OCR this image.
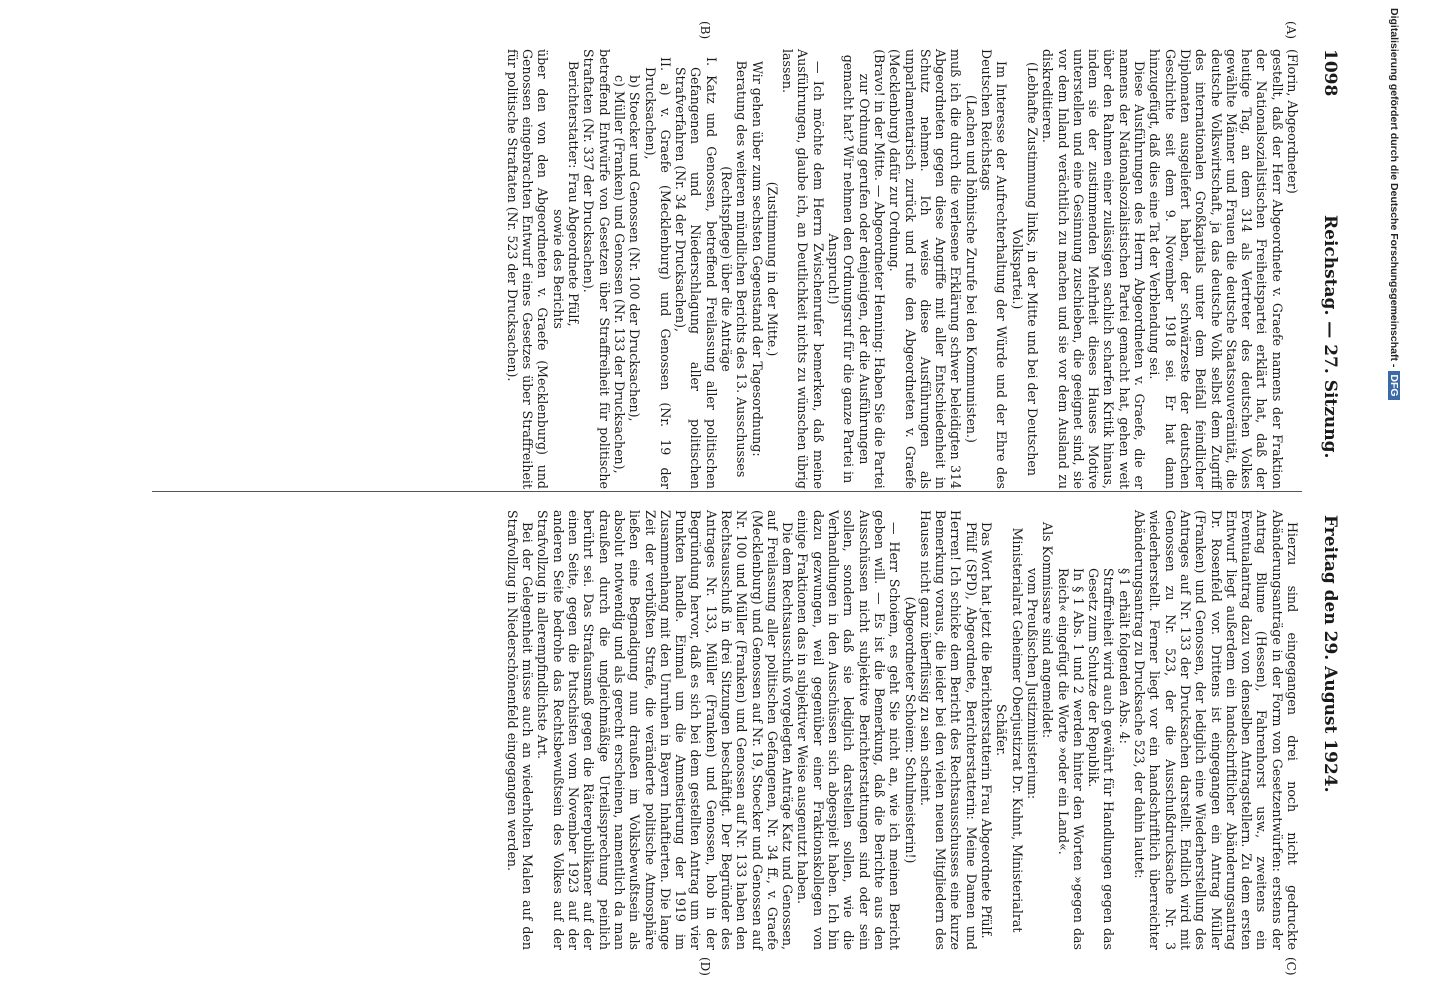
1098
Reichstag. — 27. Sitzung.
Freitag den 29. August 1924.
(A)
(B)
(C)
(D)

(Florin, Abgeordneter)

gestellt, daß der Herr Abgeordnete v. Graefe namens der Fraktion der Nationalsozialistischen Freiheitspartei erklärt hat, daß der heutige Tag, an dem 314 als Vertreter des deutschen Volkes gewählte Männer und Frauen die deutsche Staatssouveränität, die deutsche Volkswirtschaft, ja das deutsche Volk selbst dem Zugriff des internationalen Großkapitals unter dem Beifall feindlicher Diplomaten ausgeliefert haben, der schwärzeste der deutschen Geschichte seit dem 9. November 1918 sei. Er hat dann hinzugefügt, daß dies eine Tat der Verblendung sei.

Diese Ausführungen des Herrn Abgeordneten v. Graefe, die er namens der Nationalsozialistischen Partei gemacht hat, gehen weit über den Rahmen einer zulässigen sachlich scharfen Kritik hinaus, indem sie der zustimmenden Mehrheit dieses Hauses Motive unterstellen und eine Gesinnung zuschieben, die geeignet sind, sie vor dem Inland verächtlich zu machen und sie vor dem Ausland zu diskreditieren.

(Lebhafte Zustimmung links, in der Mitte und bei der Deutschen Volkspartei.)

Im Interesse der Aufrechterhaltung der Würde und der Ehre des Deutschen Reichstags

(Lachen und höhnische Zurufe bei den Kommunisten.)

muß ich die durch die verlesene Erklärung schwer beleidigten 314 Abgeordneten gegen diese Angriffe mit aller Entschiedenheit in Schutz nehmen. Ich weise diese Ausführungen als unparlamentarisch zurück und rufe den Abgeordneten v. Graefe (Mecklenburg) dafür zur Ordnung.

(Bravo! in der Mitte. — Abgeordneter Henning: Haben Sie die Partei zur Ordnung gerufen oder denjenigen, der die Ausführungen gemacht hat? Wir nehmen den Ordnungsruf für die ganze Partei in Anspruch!)

— Ich möchte dem Herrn Zwischenrufer bemerken, daß meine Ausführungen, glaube ich, an Deutlichkeit nichts zu wünschen übrig lassen.

(Zustimmung in der Mitte.)

Wir gehen über zum sechsten Gegenstand der Tagesordnung:

Beratung des weiteren mündlichen Berichts des 13. Ausschusses (Rechtspflege) über die Anträge

I. Katz und Genossen, betreffend Freilassung aller politischen Gefangenen und Niederschlagung aller politischen Strafverfahren (Nr. 34 der Drucksachen),

II. a) v. Graefe (Mecklenburg) und Genossen (Nr. 19 der Drucksachen),

b) Stoecker und Genossen (Nr. 100 der Drucksachen),

c) Müller (Franken) und Genossen (Nr. 133 der Drucksachen),

betreffend Entwürfe von Gesetzen über Straffreiheit für politische Straftaten (Nr. 337 der Drucksachen).

Berichterstatter: Frau Abgeordnete Pfülf,

sowie des Berichts

über den von den Abgeordneten v. Graefe (Mecklenburg) und Genossen eingebrachten Entwurf eines Gesetzes über Straffreiheit für politische Straftaten (Nr. 523 der Drucksachen).

Hierzu sind eingegangen drei noch nicht gedruckte Abänderungsanträge in der Form von Gesetzentwürfen: erstens der Antrag Blume (Hessen), Fahrenhorst usw., zweitens ein Eventualantrag dazu von denselben Antragstellern. Zu dem ersten Entwurf liegt außerdem ein handschriftlicher Abänderungsantrag Dr. Rosenfeld vor. Drittens ist eingegangen ein Antrag Müller (Franken) und Genossen, der lediglich eine Wiederherstellung des Antrages auf Nr. 133 der Drucksachen darstellt. Endlich wird mit Genossen zu Nr. 523, der die Ausschußdrucksache Nr. 3 wiederherstellt. Ferner liegt vor ein handschriftlich überreichter Abänderungsantrag zu Drucksache 523, der dahin lautet:

§ 1 erhält folgenden Abs. 4:

Straffreiheit wird auch gewährt für Handlungen gegen das Gesetz zum Schutze der Republik.

In § 1 Abs. 1 und 2 werden hinter den Worten »gegen das Reich« eingefügt die Worte »oder ein Land«.

Als Kommissare sind angemeldet:

vom Preußischen Justizministerium:

Ministerialrat Geheimer Oberjustizrat Dr. Kuhnt, Ministerialrat Schäfer.

Das Wort hat jetzt die Berichterstatterin Frau Abgeordnete Pfülf.

Pfülf (SPD), Abgeordnete, Berichterstatterin: Meine Damen und Herren! Ich schicke dem Bericht des Rechtsausschusses eine kurze Bemerkung voraus, die leider bei den vielen neuen Mitgliedern des Hauses nicht ganz überflüssig zu sein scheint.

(Abgeordneter Schoiem: Schulmeisterin!)

— Herr Schoiem, es geht Sie nicht an, wie ich meinen Bericht geben will. — Es ist die Bemerkung, daß die Berichte aus den Ausschüssen nicht subjektive Berichterstattungen sind oder sein sollen, sondern daß sie lediglich darstellen sollen, wie die Verhandlungen in den Ausschüssen sich abgespielt haben. Ich bin dazu gezwungen, weil gegenüber einer Fraktionskollegen von einige Fraktionen das in subjektiver Weise ausgenutzt haben.

Die dem Rechtsausschuß vorgelegten Anträge Katz und Genossen, auf Freilassung aller politischen Gefangenen, Nr. 34 ff., v. Graefe (Mecklenburg) und Genossen auf Nr. 19, Stoecker und Genossen auf Nr. 100 und Müller (Franken) und Genossen auf Nr. 133 haben den Rechtsausschuß in drei Sitzungen beschäftigt. Der Begründer des Antrages Nr. 133, Müller (Franken) und Genossen, hob in der Begründung hervor, daß es sich bei dem gestellten Antrag um vier Punkten handle. Einmal um die Amnestierung der 1919 im Zusammenhang mit den Unruhen in Bayern Inhaftierten. Die lange Zeit der verbüßten Strafe, die veränderte politische Atmosphäre ließen eine Begnadigung nun draußen im Volksbewußtsein als absolut notwendig und als gerecht erscheinen, namentlich da man draußen durch die ungleichmäßige Urteilssprechung peinlich berührt sei. Das Strafausmaß gegen die Räterepublikaner auf der einen Seite, gegen die Putschisten vom November 1923 auf der anderen Seite bedrohe das Rechtsbewußtsein des Volkes auf der Strafvollzug in allerempfindlichste Art.

Bei der Gelegenheit müsse auch an wiederholten Malen auf den Strafvollzug in Niederschönenfeld eingegangen werden.

Digitalisierung gefördert durch die Deutsche Forschungsgemeinschaft -DFG
